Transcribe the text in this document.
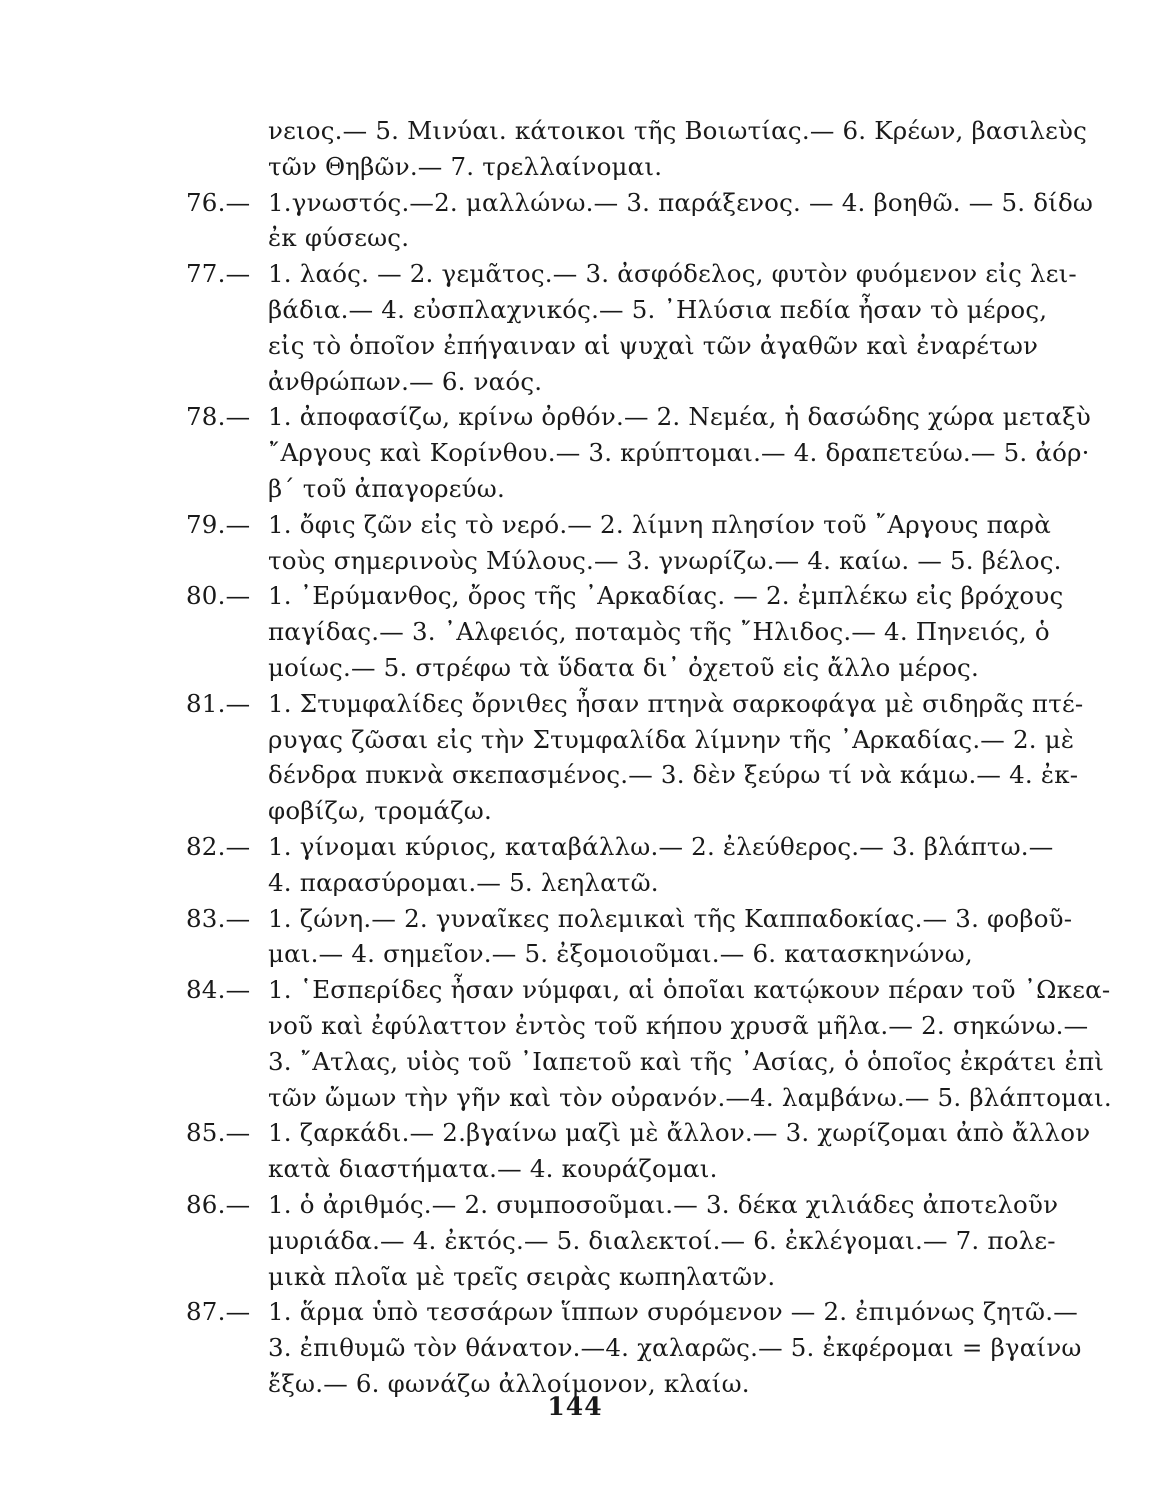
νειος.— 5. Μινύαι. κάτοικοι τῆς Βοιωτίας.— 6. Κρέων, βασιλεὺς
τῶν Θηβῶν.— 7. τρελλαίνομαι.
76.— 1.γνωστός.—2. μαλλώνω.— 3. παράξενος. — 4. βοηθῶ. — 5. δίδω
ἐκ φύσεως.
77.— 1. λαός. — 2. γεμᾶτος.— 3. ἀσφόδελος, φυτὸν φυόμενον εἰς λει-
βάδια.— 4. εὐσπλαχνικός.— 5. ᾿Ηλύσια πεδία ἦσαν τὸ μέρος,
εἰς τὸ ὁποῖον ἐπήγαιναν αἱ ψυχαὶ τῶν ἀγαθῶν καὶ ἐναρέτων
ἀνθρώπων.— 6. ναός.
78.— 1. ἀποφασίζω, κρίνω ὀρθόν.— 2. Νεμέα, ἡ δασώδης χώρα μεταξὺ
῎Αργους καὶ Κορίνθου.— 3. κρύπτομαι.— 4. δραπετεύω.— 5. ἀόρ·
β΄ τοῦ ἀπαγορεύω.
79.— 1. ὄφις ζῶν εἰς τὸ νερό.— 2. λίμνη πλησίον τοῦ ῎Αργους παρὰ
τοὺς σημερινοὺς Μύλους.— 3. γνωρίζω.— 4. καίω. — 5. βέλος.
80.— 1. ᾿Ερύμανθος, ὄρος τῆς ᾿Αρκαδίας. — 2. ἐμπλέκω εἰς βρόχους
παγίδας.— 3. ᾿Αλφειός, ποταμὸς τῆς ῎Ηλιδος.— 4. Πηνειός, ὁ
μοίως.— 5. στρέφω τὰ ὕδατα δι᾿ ὀχετοῦ εἰς ἄλλο μέρος.
81.— 1. Στυμφαλίδες ὄρνιθες ἦσαν πτηνὰ σαρκοφάγα μὲ σιδηρᾶς πτέ-
ρυγας ζῶσαι εἰς τὴν Στυμφαλίδα λίμνην τῆς ᾿Αρκαδίας.— 2. μὲ
δένδρα πυκνὰ σκεπασμένος.— 3. δὲν ξεύρω τί νὰ κάμω.— 4. ἐκ-
φοβίζω, τρομάζω.
82.— 1. γίνομαι κύριος, καταβάλλω.— 2. ἐλεύθερος.— 3. βλάπτω.—
4. παρασύρομαι.— 5. λεηλατῶ.
83.— 1. ζώνη.— 2. γυναῖκες πολεμικαὶ τῆς Καππαδοκίας.— 3. φοβοῦ-
μαι.— 4. σημεῖον.— 5. ἐξομοιοῦμαι.— 6. κατασκηνώνω,
84.— 1. ῾Εσπερίδες ἦσαν νύμφαι, αἱ ὁποῖαι κατῴκουν πέραν τοῦ ᾿Ωκεα-
νοῦ καὶ ἐφύλαττον ἐντὸς τοῦ κήπου χρυσᾶ μῆλα.— 2. σηκώνω.—
3. ῎Ατλας, υἱὸς τοῦ ᾿Ιαπετοῦ καὶ τῆς ᾿Ασίας, ὁ ὁποῖος ἐκράτει ἐπὶ
τῶν ὤμων τὴν γῆν καὶ τὸν οὐρανόν.—4. λαμβάνω.— 5. βλάπτομαι.
85.— 1. ζαρκάδι.— 2.βγαίνω μαζὶ μὲ ἄλλον.— 3. χωρίζομαι ἀπὸ ἄλλον
κατὰ διαστήματα.— 4. κουράζομαι.
86.— 1. ὁ ἀριθμός.— 2. συμποσοῦμαι.— 3. δέκα χιλιάδες ἀποτελοῦν
μυριάδα.— 4. ἐκτός.— 5. διαλεκτοί.— 6. ἐκλέγομαι.— 7. πολε-
μικὰ πλοῖα μὲ τρεῖς σειρὰς κωπηλατῶν.
87.— 1. ἅρμα ὑπὸ τεσσάρων ἵππων συρόμενον — 2. ἐπιμόνως ζητῶ.—
3. ἐπιθυμῶ τὸν θάνατον.—4. χαλαρῶς.— 5. ἐκφέρομαι = βγαίνω
ἔξω.— 6. φωνάζω ἀλλοίμονον, κλαίω.
144
